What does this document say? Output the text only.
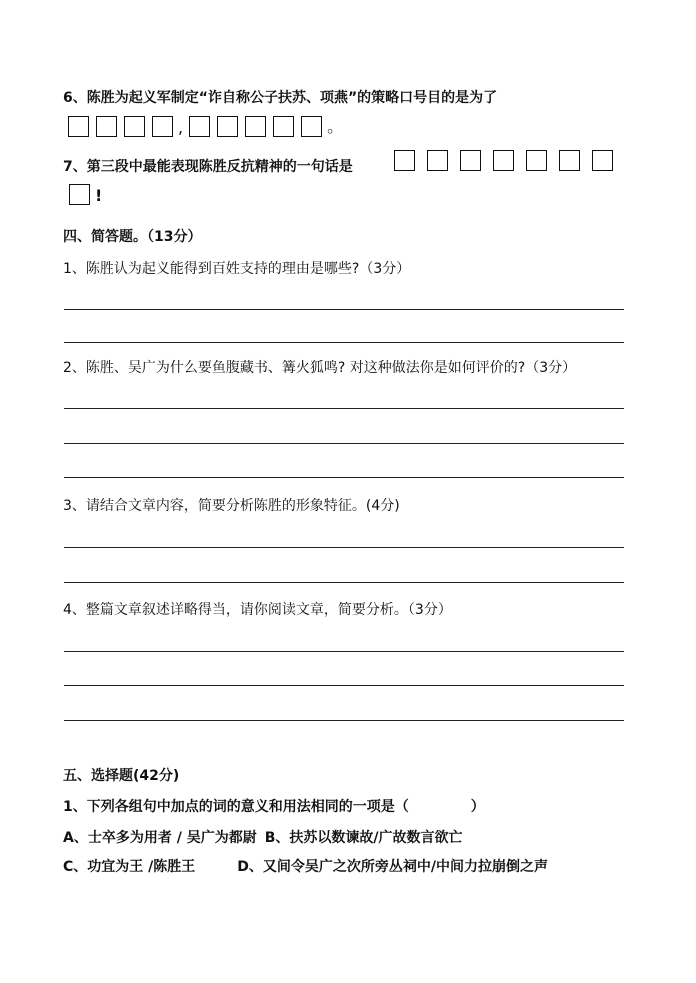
6、陈胜为起义军制定“诈自称公子扶苏、项燕”的策略口号目的是为了
,	。
7、第三段中最能表现陈胜反抗精神的一句话是
!
四、简答题。（13分）
1、陈胜认为起义能得到百姓支持的理由是哪些?（3分）
2、陈胜、吴广为什么要鱼腹藏书、篝火狐鸣? 对这种做法你是如何评价的?（3分）
3、请结合文章内容，简要分析陈胜的形象特征。(4分)
4、整篇文章叙述详略得当，请你阅读文章，简要分析。（3分）
五、选择题(42分)
1、下列各组句中加点的词的意义和用法相同的一项是（	）
A、士卒多为用者 / 吴广为都尉 B、扶苏以数谏故/广故数言欲亡
C、功宜为王 /陈胜王	D、又间令吴广之次所旁丛祠中/中间力拉崩倒之声
